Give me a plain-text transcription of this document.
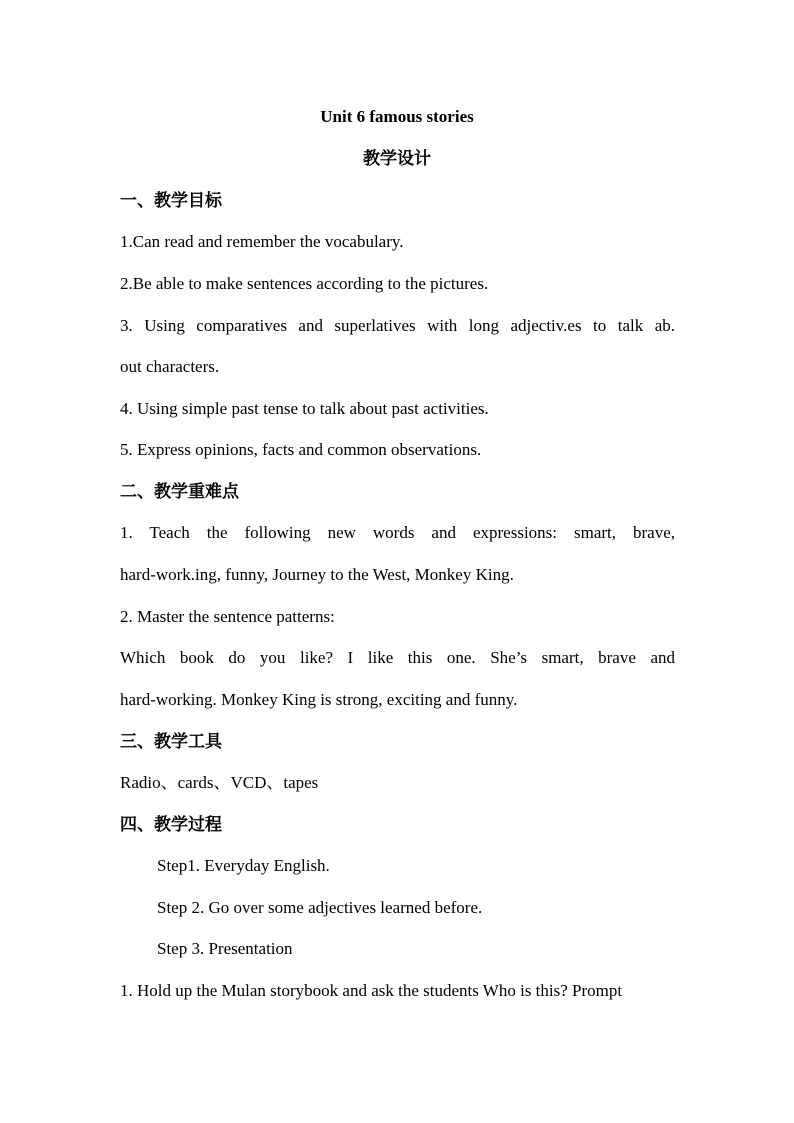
Unit 6 famous stories
教学设计
一、教学目标
1.Can read and remember the vocabulary.
2.Be able to make sentences according to the pictures.
3. Using comparatives and superlatives with long adjectiv.es to talk ab.
out characters.
4. Using simple past tense to talk about past activities.
5. Express opinions, facts and common observations.
二、教学重难点
1. Teach the following new words and expressions: smart, brave,
hard-work.ing, funny, Journey to the West, Monkey King.
2. Master the sentence patterns:
Which book do you like? I like this one. She’s smart, brave and
hard-working. Monkey King is strong, exciting and funny.
三、教学工具
Radio、cards、VCD、tapes
四、教学过程
Step1. Everyday English.
Step 2. Go over some adjectives learned before.
Step 3. Presentation
1. Hold up the Mulan storybook and ask the students Who is this? Prompt
